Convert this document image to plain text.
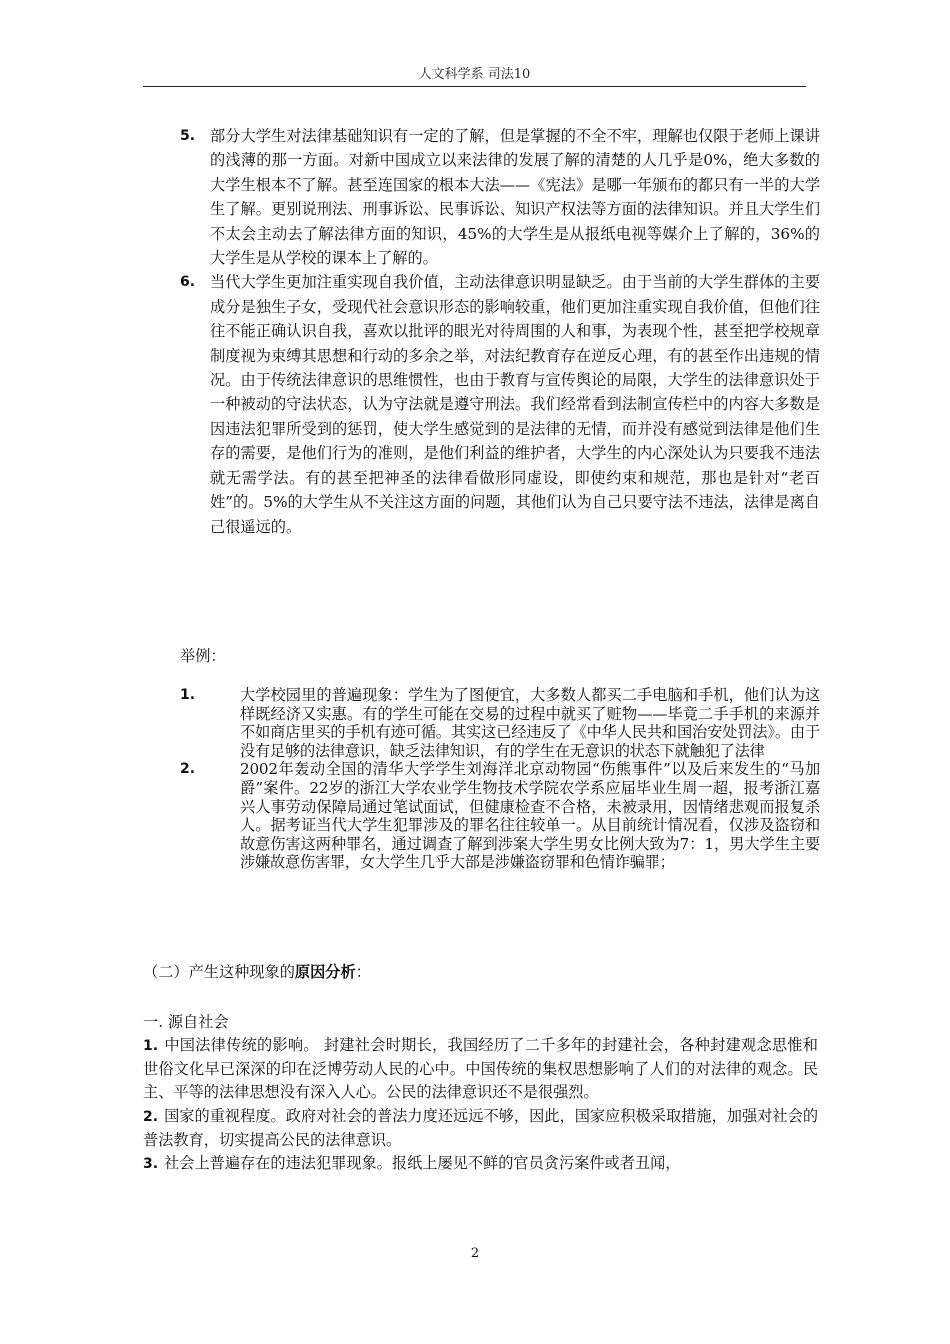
人文科学系 司法10
5. 部分大学生对法律基础知识有一定的了解，但是掌握的不全不牢，理解也仅限于老师上课讲的浅薄的那一方面。对新中国成立以来法律的发展了解的清楚的人几乎是0%，绝大多数的大学生根本不了解。甚至连国家的根本大法——《宪法》是哪一年颁布的都只有一半的大学生了解。更别说刑法、刑事诉讼、民事诉讼、知识产权法等方面的法律知识。并且大学生们不太会主动去了解法律方面的知识，45%的大学生是从报纸电视等媒介上了解的，36%的大学生是从学校的课本上了解的。
6. 当代大学生更加注重实现自我价值，主动法律意识明显缺乏。由于当前的大学生群体的主要成分是独生子女，受现代社会意识形态的影响较重，他们更加注重实现自我价值，但他们往往不能正确认识自我，喜欢以批评的眼光对待周围的人和事，为表现个性，甚至把学校规章制度视为束缚其思想和行动的多余之举，对法纪教育存在逆反心理，有的甚至作出违规的情况。由于传统法律意识的思维惯性，也由于教育与宣传舆论的局限，大学生的法律意识处于一种被动的守法状态，认为守法就是遵守刑法。我们经常看到法制宣传栏中的内容大多数是因违法犯罪所受到的惩罚，使大学生感觉到的是法律的无情，而并没有感觉到法律是他们生存的需要，是他们行为的准则，是他们利益的维护者，大学生的内心深处认为只要我不违法就无需学法。有的甚至把神圣的法律看做形同虚设，即使约束和规范，那也是针对“老百姓”的。5%的大学生从不关注这方面的问题，其他们认为自己只要守法不违法，法律是离自己很遥远的。
举例：
1.	大学校园里的普遍现象：学生为了图便宜，大多数人都买二手电脑和手机，他们认为这样既经济又实惠。有的学生可能在交易的过程中就买了赃物——毕竟二手手机的来源并不如商店里买的手机有迹可循。其实这已经违反了《中华人民共和国治安处罚法》。由于没有足够的法律意识，缺乏法律知识，有的学生在无意识的状态下就触犯了法律
2.	2002年轰动全国的清华大学学生刘海洋北京动物园“伤熊事件”以及后来发生的“马加爵”案件。22岁的浙江大学农业学生物技术学院农学系应届毕业生周一超，报考浙江嘉兴人事劳动保障局通过笔试面试，但健康检查不合格，未被录用，因情绪悲观而报复杀人。据考证当代大学生犯罪涉及的罪名往往较单一。从目前统计情况看，仅涉及盗窃和故意伤害这两种罪名，通过调查了解到涉案大学生男女比例大致为7：1，男大学生主要涉嫌故意伤害罪，女大学生几乎大部是涉嫌盗窃罪和色情诈骗罪；
（二）产生这种现象的原因分析：
一. 源自社会
1. 中国法律传统的影响。 封建社会时期长，我国经历了二千多年的封建社会，各种封建观念思惟和世俗文化早已深深的印在泛博劳动人民的心中。中国传统的集权思想影响了人们的对法律的观念。民主、平等的法律思想没有深入人心。公民的法律意识还不是很强烈。
2. 国家的重视程度。政府对社会的普法力度还远远不够，因此，国家应积极采取措施，加强对社会的普法教育，切实提高公民的法律意识。
3. 社会上普遍存在的违法犯罪现象。报纸上屡见不鲜的官员贪污案件或者丑闻，
2
